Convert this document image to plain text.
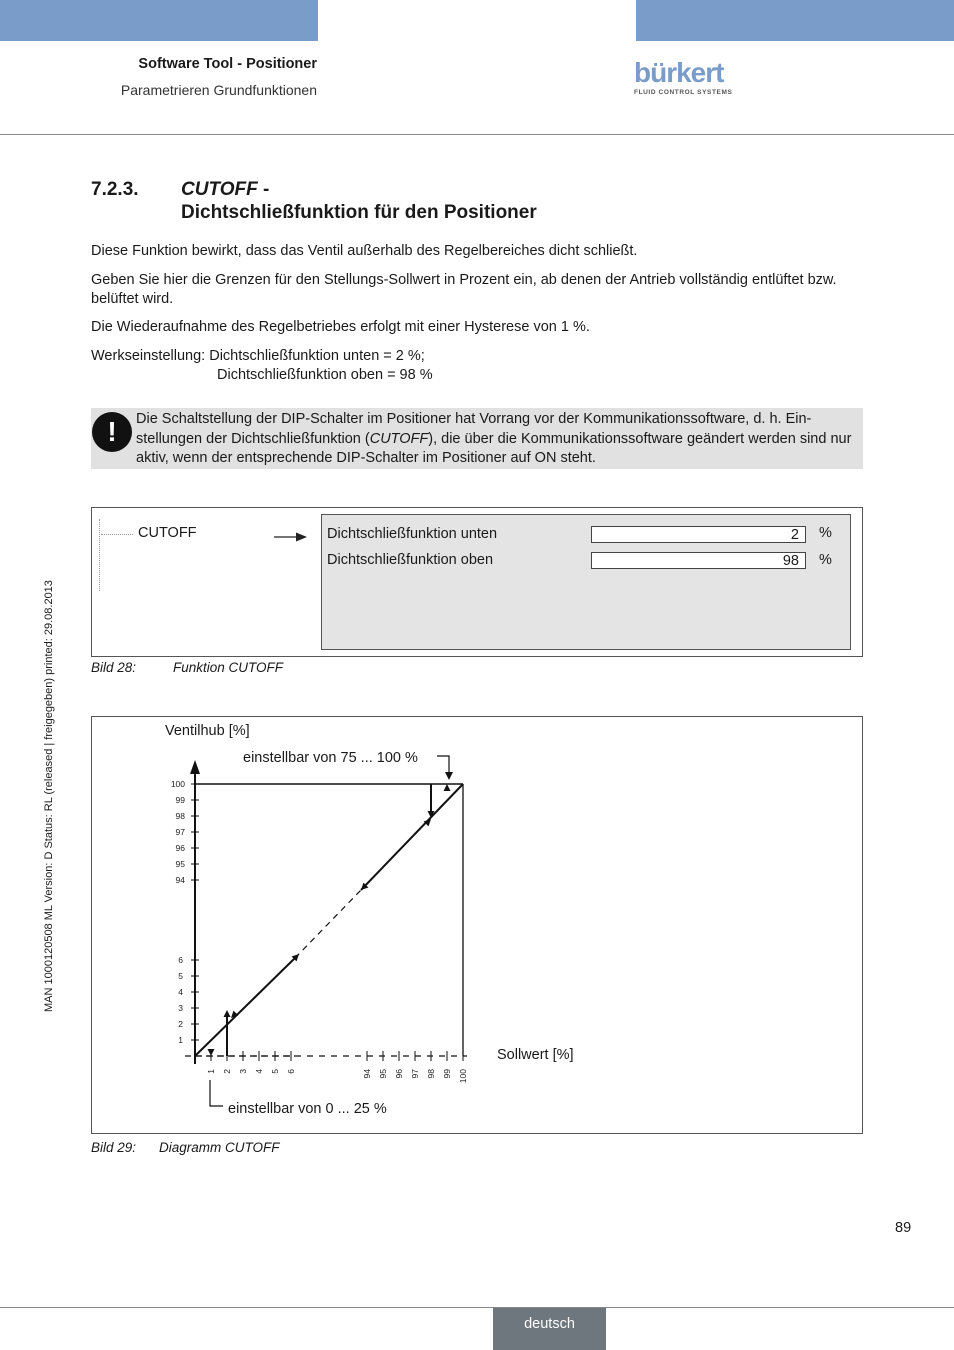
Software Tool - Positioner
Parametrieren Grundfunktionen
bürkert
FLUID CONTROL SYSTEMS
7.2.3. CUTOFF -
Dichtschließfunktion für den Positioner
Diese Funktion bewirkt, dass das Ventil außerhalb des Regelbereiches dicht schließt.
Geben Sie hier die Grenzen für den Stellungs-Sollwert in Prozent ein, ab denen der Antrieb vollständig entlüftet bzw. belüftet wird.
Die Wiederaufnahme des Regelbetriebes erfolgt mit einer Hysterese von 1 %.
Werkseinstellung: Dichtschließfunktion unten = 2 %;
Dichtschließfunktion oben = 98 %
!	Die Schaltstellung der DIP-Schalter im Positioner hat Vorrang vor der Kommunikationssoftware, d. h. Ein-stellungen der Dichtschließfunktion (CUTOFF), die über die Kommunikationssoftware geändert werden sind nur aktiv, wenn der entsprechende DIP-Schalter im Positioner auf ON steht.
CUTOFF	Dichtschließfunktion unten	2	%
Dichtschließfunktion oben	98	%
Bild 28:	Funktion CUTOFF
Ventilhub [%]
Sollwert [%]
einstellbar von 75 ... 100 %
einstellbar von 0 ... 25 %
1
2
3
4
5
6
94
95
96
97
98
99
100
1 2 3 4 5 6	94 95 96 97 98 99 100
Bild 29: Diagramm CUTOFF
MAN 1000120508 ML Version: D Status: RL (released | freigegeben) printed: 29.08.2013
89
deutsch
